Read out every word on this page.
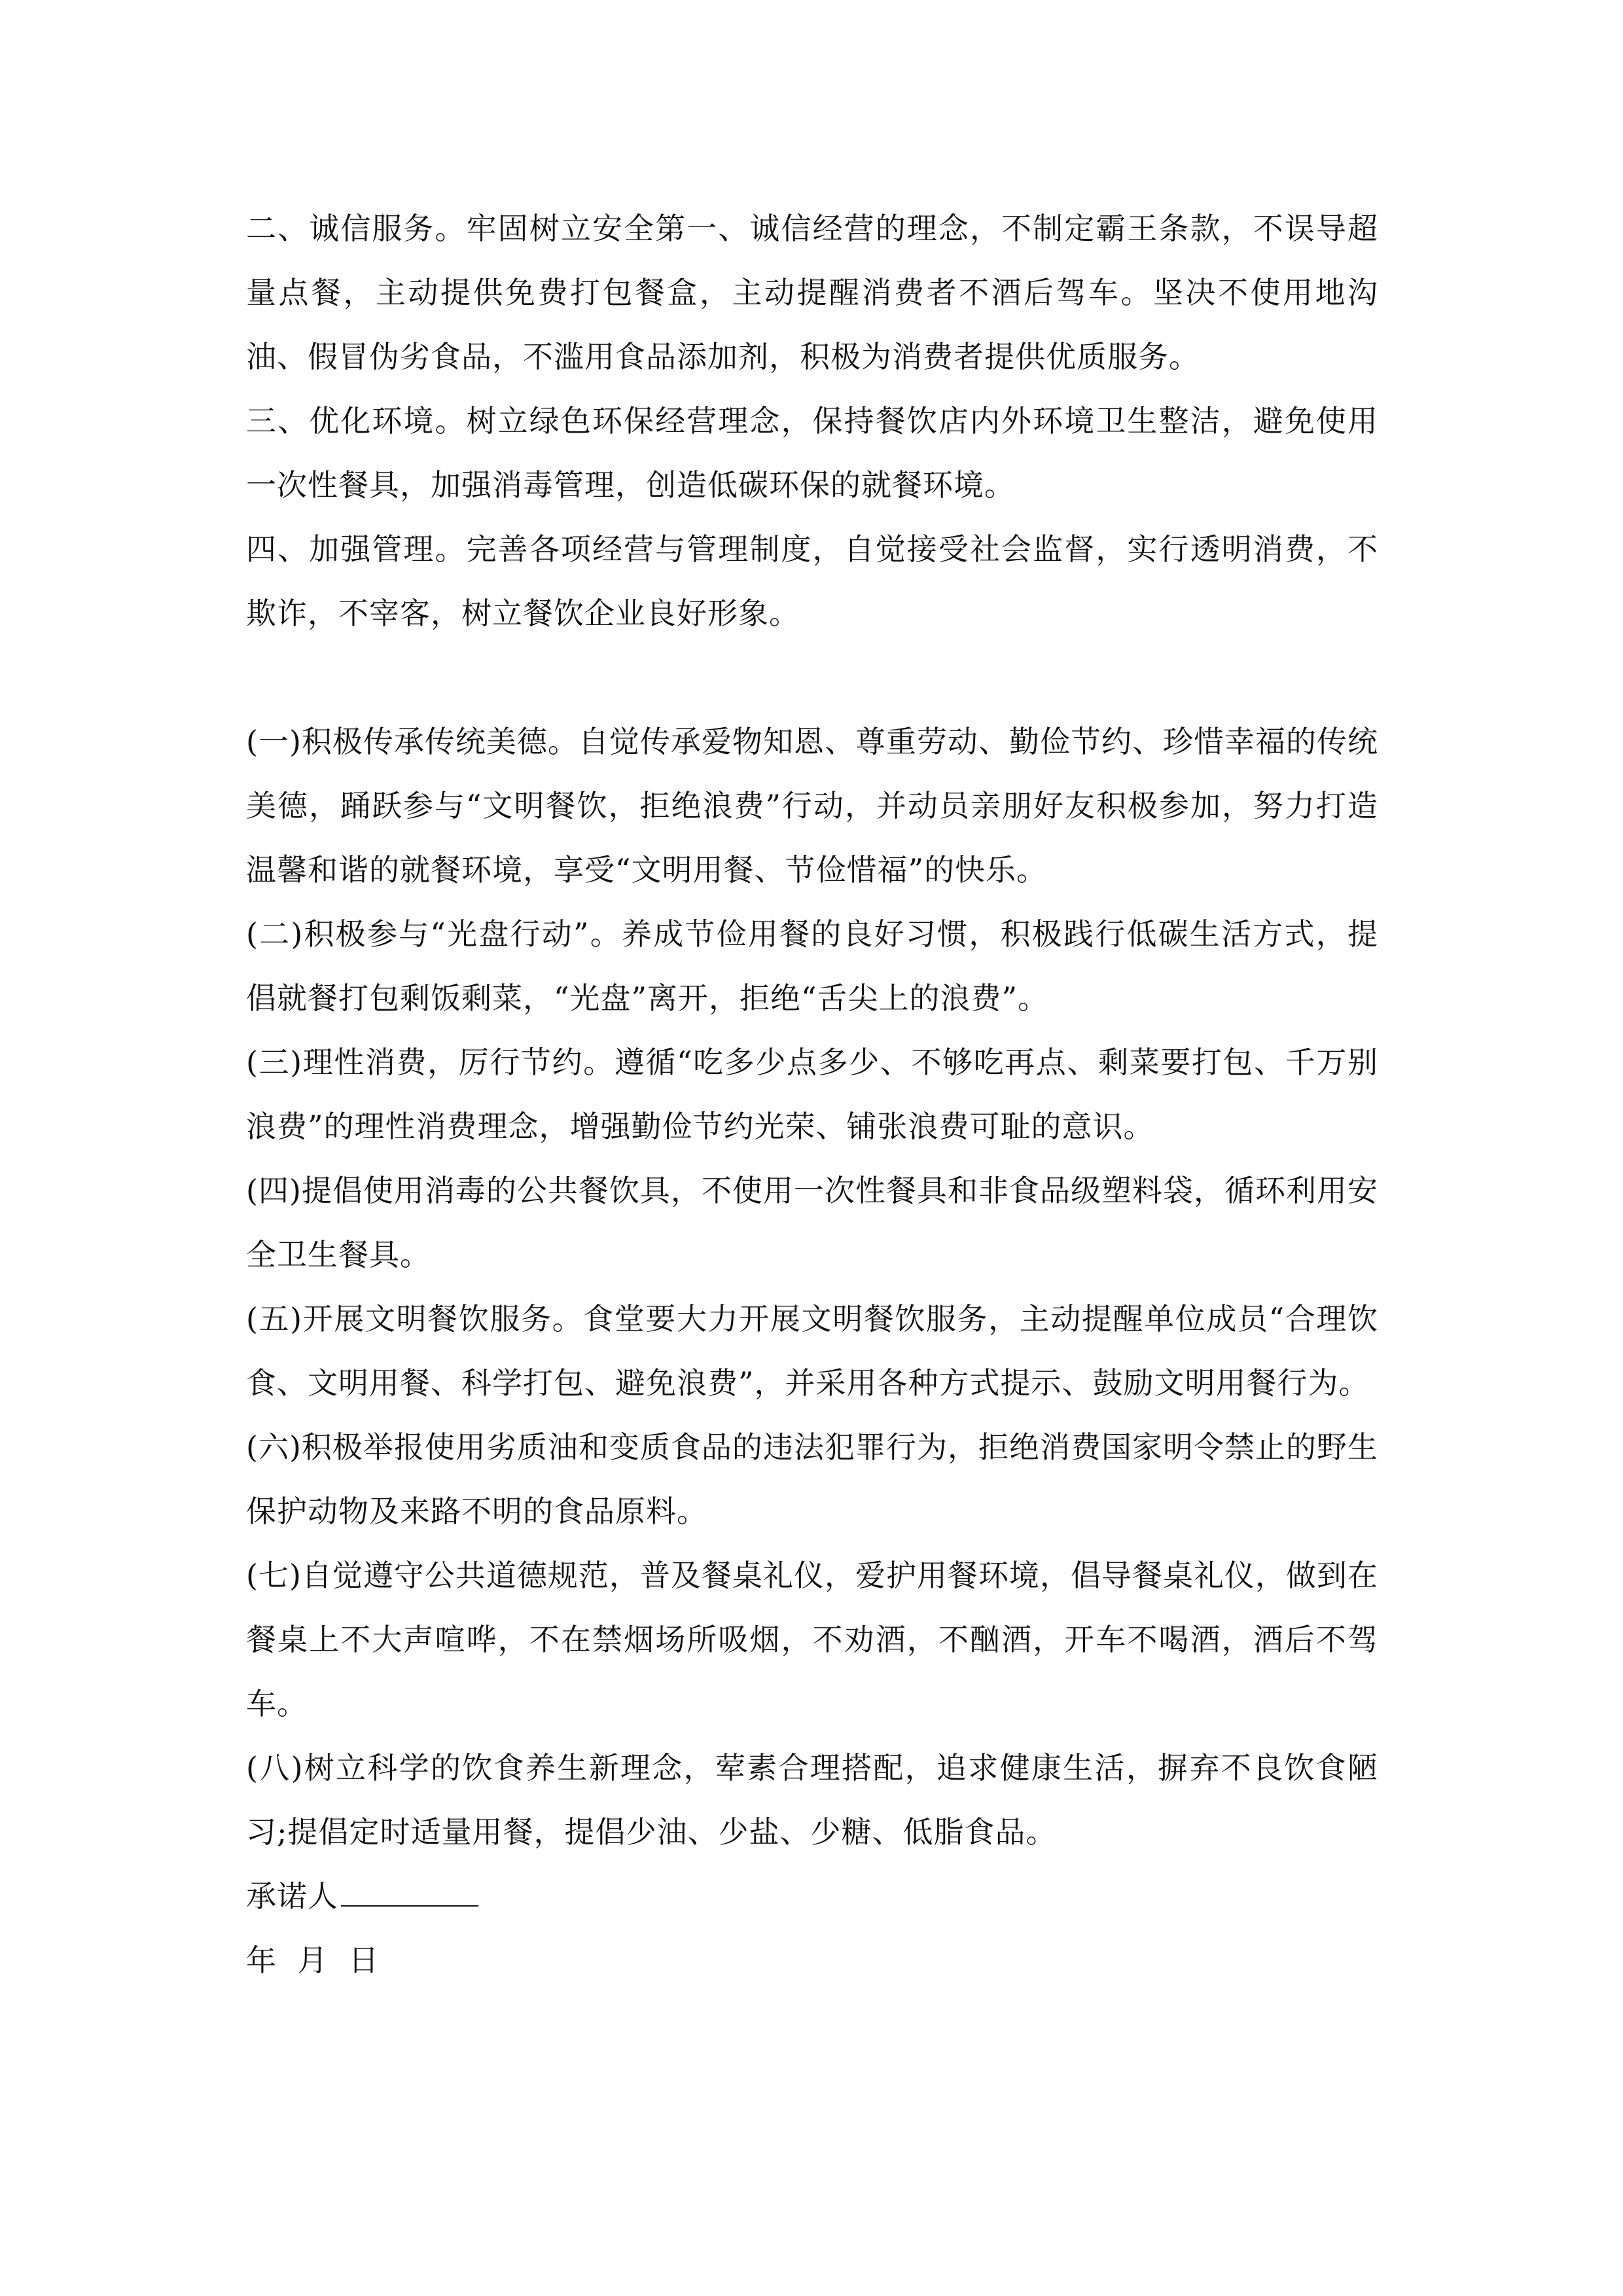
二、诚信服务。牢固树立安全第一、诚信经营的理念，不制定霸王条款，不误导超量点餐，主动提供免费打包餐盒，主动提醒消费者不酒后驾车。坚决不使用地沟油、假冒伪劣食品，不滥用食品添加剂，积极为消费者提供优质服务。

三、优化环境。树立绿色环保经营理念，保持餐饮店内外环境卫生整洁，避免使用一次性餐具，加强消毒管理，创造低碳环保的就餐环境。

四、加强管理。完善各项经营与管理制度，自觉接受社会监督，实行透明消费，不欺诈，不宰客，树立餐饮企业良好形象。

(一)积极传承传统美德。自觉传承爱物知恩、尊重劳动、勤俭节约、珍惜幸福的传统美德，踊跃参与“文明餐饮，拒绝浪费”行动，并动员亲朋好友积极参加，努力打造温馨和谐的就餐环境，享受“文明用餐、节俭惜福”的快乐。

(二)积极参与“光盘行动”。养成节俭用餐的良好习惯，积极践行低碳生活方式，提倡就餐打包剩饭剩菜，“光盘”离开，拒绝“舌尖上的浪费”。

(三)理性消费，厉行节约。遵循“吃多少点多少、不够吃再点、剩菜要打包、千万别浪费”的理性消费理念，增强勤俭节约光荣、铺张浪费可耻的意识。

(四)提倡使用消毒的公共餐饮具，不使用一次性餐具和非食品级塑料袋，循环利用安全卫生餐具。

(五)开展文明餐饮服务。食堂要大力开展文明餐饮服务，主动提醒单位成员“合理饮食、文明用餐、科学打包、避免浪费”，并采用各种方式提示、鼓励文明用餐行为。

(六)积极举报使用劣质油和变质食品的违法犯罪行为，拒绝消费国家明令禁止的野生保护动物及来路不明的食品原料。

(七)自觉遵守公共道德规范，普及餐桌礼仪，爱护用餐环境，倡导餐桌礼仪，做到在餐桌上不大声喧哗，不在禁烟场所吸烟，不劝酒，不酗酒，开车不喝酒，酒后不驾车。

(八)树立科学的饮食养生新理念，荤素合理搭配，追求健康生活，摒弃不良饮食陋习;提倡定时适量用餐，提倡少油、少盐、少糖、低脂食品。

承诺人

年  月  日
